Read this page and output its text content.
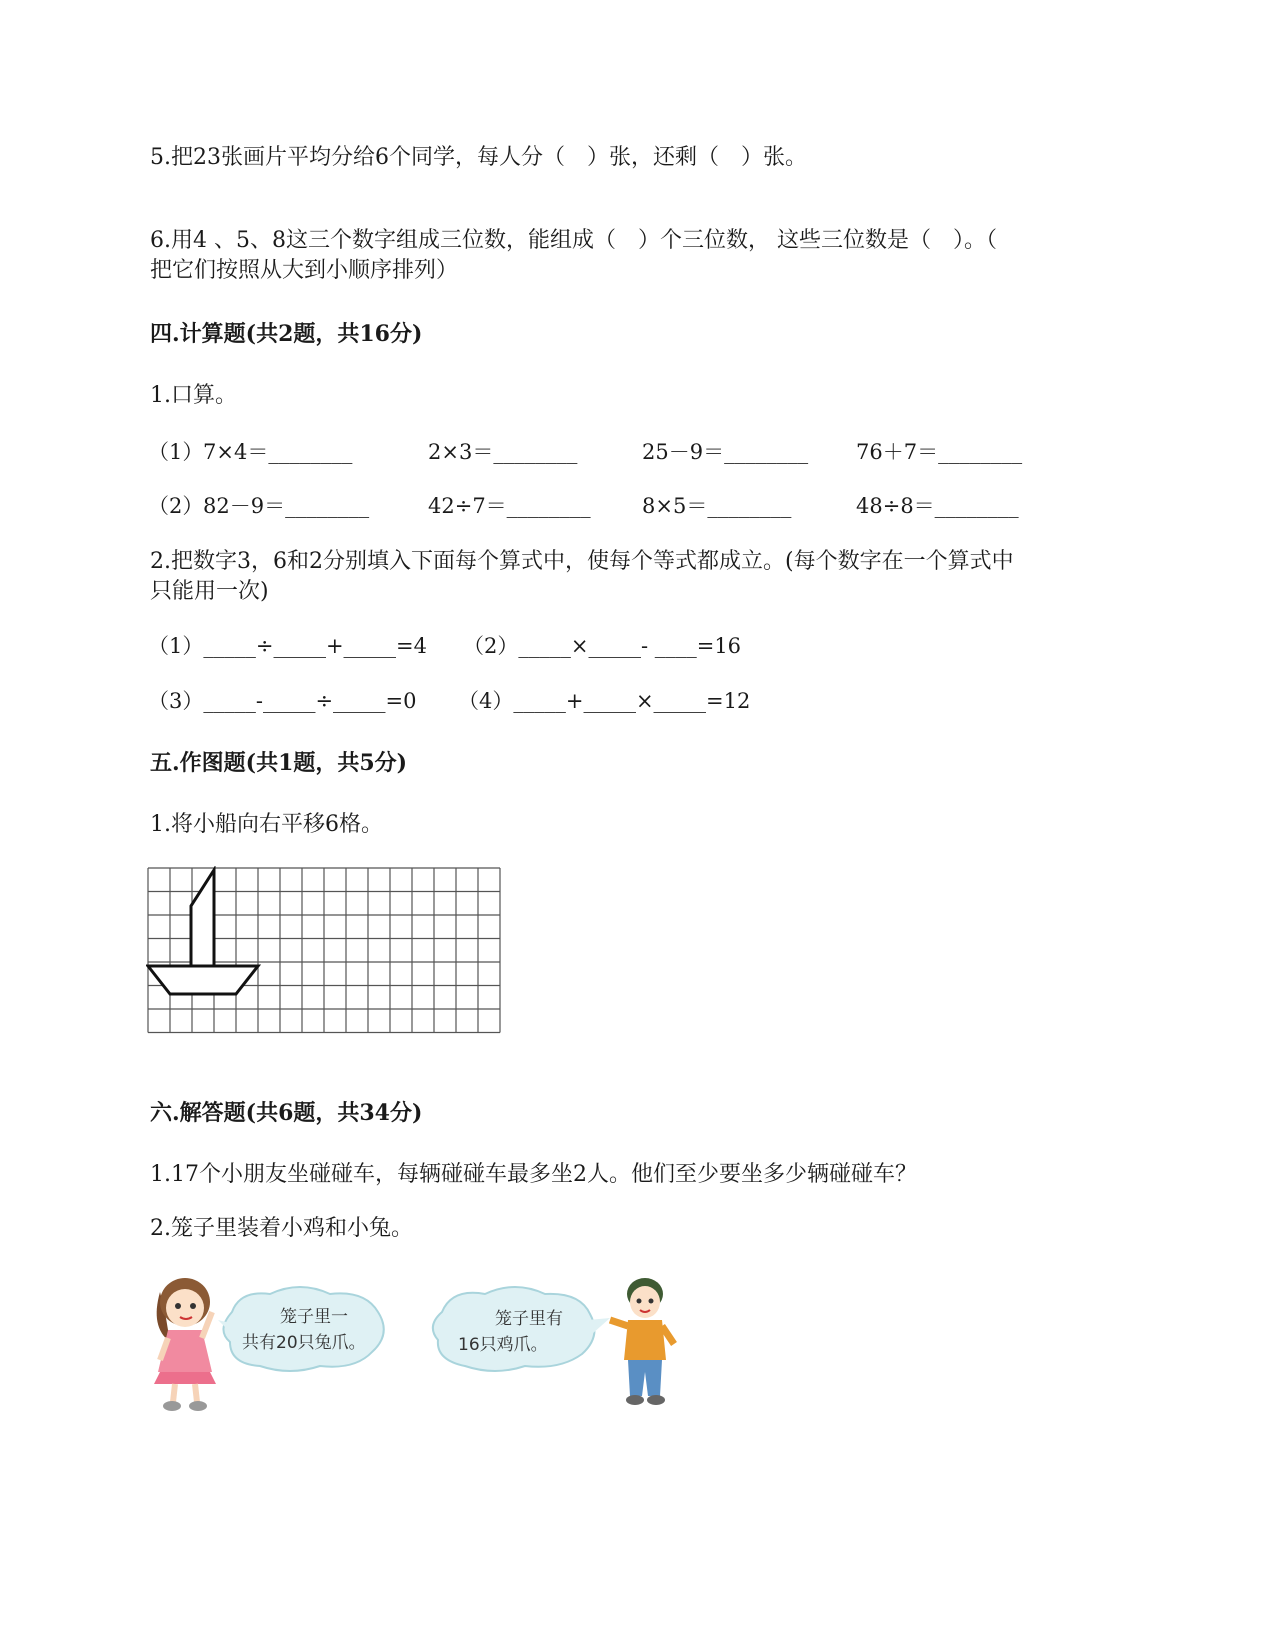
5.把23张画片平均分给6个同学，每人分（　）张，还剩（　）张。
6.用4 、5、8这三个数字组成三位数，能组成（　）个三位数， 这些三位数是（　）。（
把它们按照从大到小顺序排列）
四.计算题(共2题，共16分)
1.口算。
（1） 7×4＝________	2×3＝________	25－9＝________ 76＋7＝________
（2） 82－9＝________	42÷7＝________ 8×5＝________	48÷8＝________
2.把数字3，6和2分别填入下面每个算式中，使每个等式都成立。(每个数字在一个算式中
只能用一次)
（1）_____÷_____+_____=4 （2）_____×_____- ____=16
（3）_____-_____÷_____=0 （4）_____+_____×_____=12
五.作图题(共1题，共5分)
1.将小船向右平移6格。
六.解答题(共6题，共34分)
1.17个小朋友坐碰碰车，每辆碰碰车最多坐2人。他们至少要坐多少辆碰碰车？
2.笼子里装着小鸡和小兔。
笼子里一
共有20只兔爪。
笼子里有
16只鸡爪。
